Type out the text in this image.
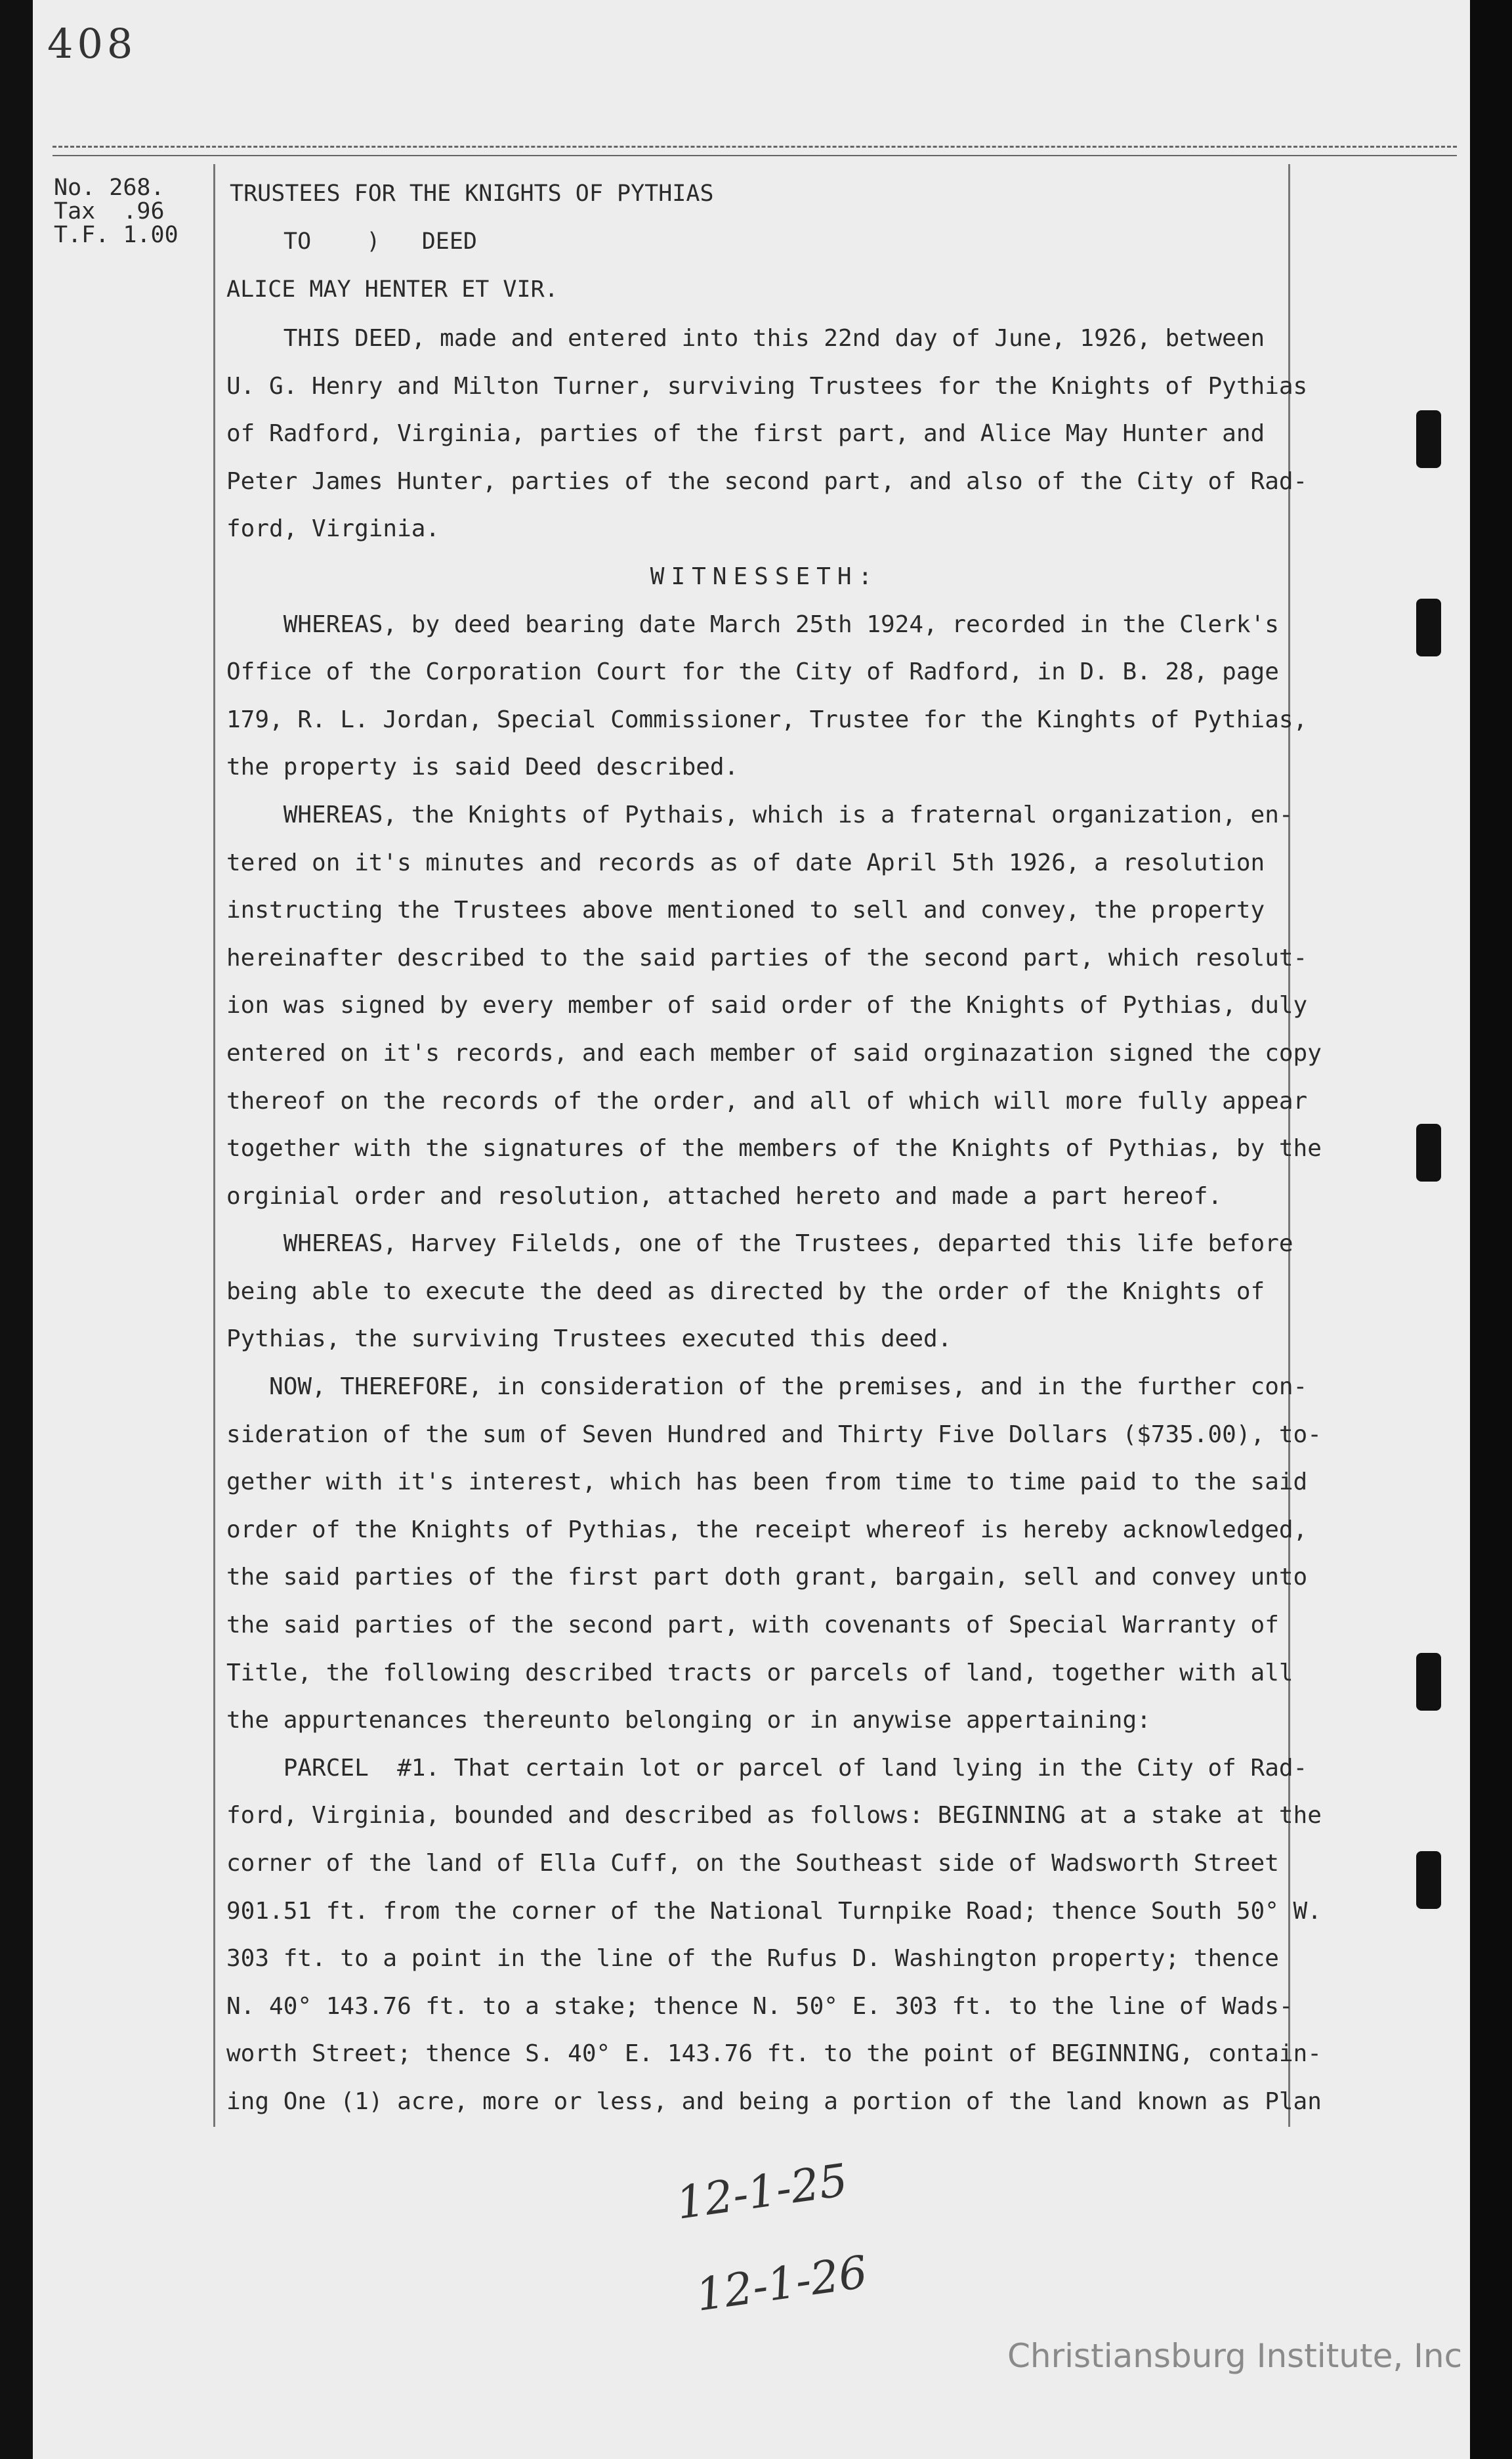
408
No. 268.
Tax  .96
T.F. 1.00
TRUSTEES FOR THE KNIGHTS OF PYTHIAS
TO    )   DEED
ALICE MAY HENTER ET VIR.
THIS DEED, made and entered into this 22nd day of June, 1926, between
U. G. Henry and Milton Turner, surviving Trustees for the Knights of Pythias
of Radford, Virginia, parties of the first part, and Alice May Hunter and
Peter James Hunter, parties of the second part, and also of the City of Rad-
ford, Virginia.
WITNESSETH:
WHEREAS, by deed bearing date March 25th 1924, recorded in the Clerk's
Office of the Corporation Court for the City of Radford, in D. B. 28, page
179, R. L. Jordan, Special Commissioner, Trustee for the Kinghts of Pythias,
the property is said Deed described.
WHEREAS, the Knights of Pythais, which is a fraternal organization, en-
tered on it's minutes and records as of date April 5th 1926, a resolution
instructing the Trustees above mentioned to sell and convey, the property
hereinafter described to the said parties of the second part, which resolut-
ion was signed by every member of said order of the Knights of Pythias, duly
entered on it's records, and each member of said orginazation signed the copy
thereof on the records of the order, and all of which will more fully appear
together with the signatures of the members of the Knights of Pythias, by the
orginial order and resolution, attached hereto and made a part hereof.
WHEREAS, Harvey Filelds, one of the Trustees, departed this life before
being able to execute the deed as directed by the order of the Knights of
Pythias, the surviving Trustees executed this deed.
NOW, THEREFORE, in consideration of the premises, and in the further con-
sideration of the sum of Seven Hundred and Thirty Five Dollars ($735.00), to-
gether with it's interest, which has been from time to time paid to the said
order of the Knights of Pythias, the receipt whereof is hereby acknowledged,
the said parties of the first part doth grant, bargain, sell and convey unto
the said parties of the second part, with covenants of Special Warranty of
Title, the following described tracts or parcels of land, together with all
the appurtenances thereunto belonging or in anywise appertaining:
PARCEL  #1. That certain lot or parcel of land lying in the City of Rad-
ford, Virginia, bounded and described as follows: BEGINNING at a stake at the
corner of the land of Ella Cuff, on the Southeast side of Wadsworth Street
901.51 ft. from the corner of the National Turnpike Road; thence South 50° W.
303 ft. to a point in the line of the Rufus D. Washington property; thence
N. 40° 143.76 ft. to a stake; thence N. 50° E. 303 ft. to the line of Wads-
worth Street; thence S. 40° E. 143.76 ft. to the point of BEGINNING, contain-
ing One (1) acre, more or less, and being a portion of the land known as Plan
12-1-25
12-1-26
Christiansburg Institute, Inc
